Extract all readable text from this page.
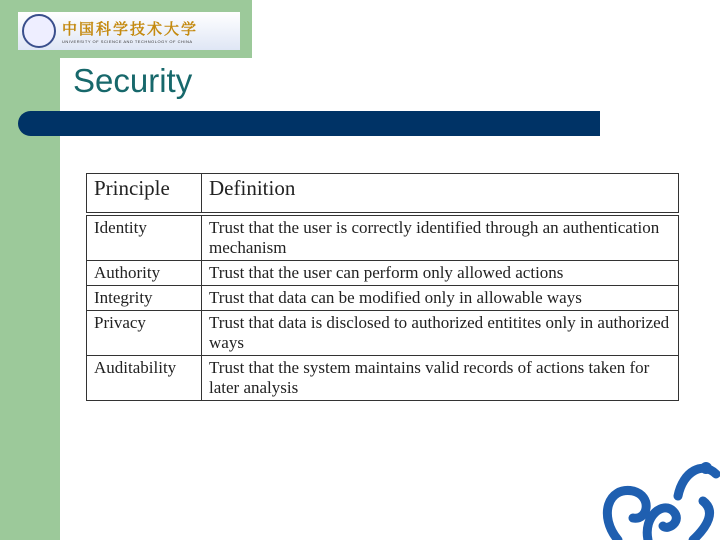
中国科学技术大学
UNIVERSITY OF SCIENCE AND TECHNOLOGY OF CHINA
Security
Principle	Definition
Identity	Trust that the user is correctly identified through an authentication mechanism
Authority	Trust that the user can perform only allowed actions
Integrity	Trust that data can be modified only in allowable ways
Privacy	Trust that data is disclosed to authorized entitites only in authorized ways
Auditability	Trust that the system maintains valid records of actions taken for later analysis
